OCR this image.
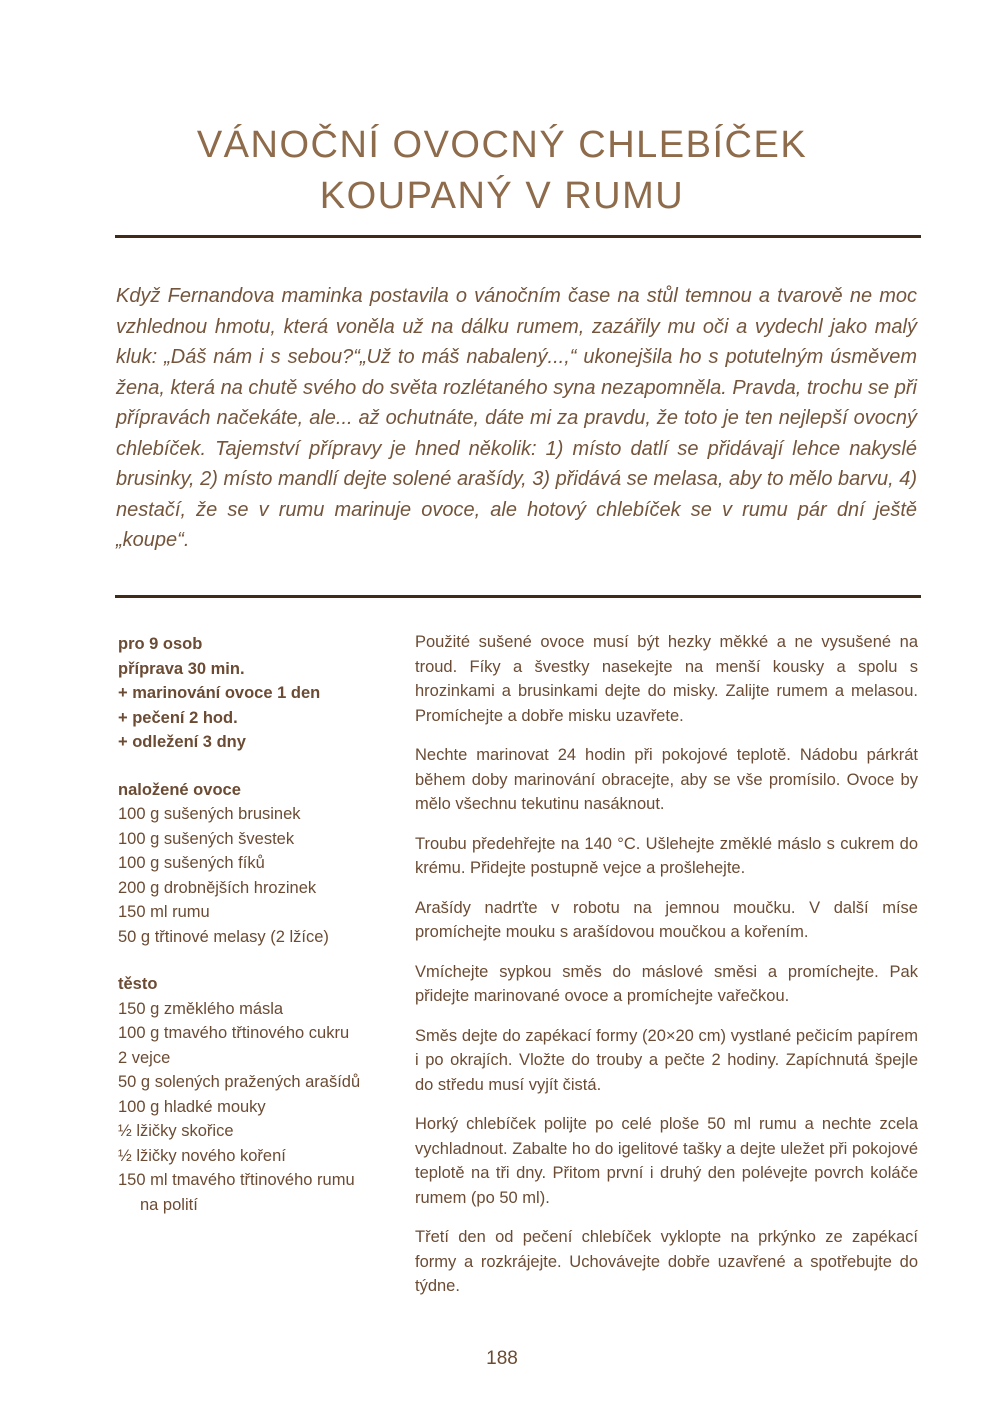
VÁNOČNÍ OVOCNÝ CHLEBÍČEK
KOUPANÝ V RUMU
Když Fernandova maminka postavila o vánočním čase na stůl temnou a tvarově ne moc vzhlednou hmotu, která voněla už na dálku rumem, zazářily mu oči a vydechl jako malý kluk: „Dáš nám i s sebou?“„Už to máš nabalený...,“ ukonejšila ho s potutelným úsměvem žena, která na chutě svého do světa rozlétaného syna nezapomněla. Pravda, trochu se při přípravách načekáte, ale... až ochutnáte, dáte mi za pravdu, že toto je ten nejlepší ovocný chlebíček. Tajemství přípravy je hned několik: 1) místo datlí se přidávají lehce nakyslé brusinky, 2) místo mandlí dejte solené arašídy, 3) přidává se melasa, aby to mělo barvu, 4) nestačí, že se v rumu marinuje ovoce, ale hotový chlebíček se v rumu pár dní ještě „koupe“.

pro 9 osob

příprava 30 min.

+ marinování ovoce 1 den

+ pečení 2 hod.

+ odležení 3 dny

naložené ovoce

100 g sušených brusinek

100 g sušených švestek

100 g sušených fíků

200 g drobnějších hrozinek

150 ml rumu

50 g třtinové melasy (2 lžíce)

těsto

150 g změklého másla

100 g tmavého třtinového cukru

2 vejce

50 g solených pražených arašídů

100 g hladké mouky

½ lžičky skořice

½ lžičky nového koření

150 ml tmavého třtinového rumu na polití

Použité sušené ovoce musí být hezky měkké a ne vysušené na troud. Fíky a švestky nasekejte na menší kousky a spolu s hrozinkami a brusinkami dejte do misky. Zalijte rumem a melasou. Promíchejte a dobře misku uzavřete.

Nechte marinovat 24 hodin při pokojové teplotě. Nádobu párkrát během doby marinování obracejte, aby se vše promísilo. Ovoce by mělo všechnu tekutinu nasáknout.

Troubu předehřejte na 140 °C. Ušlehejte změklé máslo s cukrem do krému. Přidejte postupně vejce a prošlehejte.

Arašídy nadrťte v robotu na jemnou moučku. V další míse promíchejte mouku s arašídovou moučkou a kořením.

Vmíchejte sypkou směs do máslové směsi a promíchejte. Pak přidejte marinované ovoce a promíchejte vařečkou.

Směs dejte do zapékací formy (20×20 cm) vystlané pečicím papírem i po okrajích. Vložte do trouby a pečte 2 hodiny. Zapíchnutá špejle do středu musí vyjít čistá.

Horký chlebíček polijte po celé ploše 50 ml rumu a nechte zcela vychladnout. Zabalte ho do igelitové tašky a dejte uležet při pokojové teplotě na tři dny. Přitom první i druhý den polévejte povrch koláče rumem (po 50 ml).

Třetí den od pečení chlebíček vyklopte na prkýnko ze zapékací formy a rozkrájejte. Uchovávejte dobře uzavřené a spotřebujte do týdne.

188
